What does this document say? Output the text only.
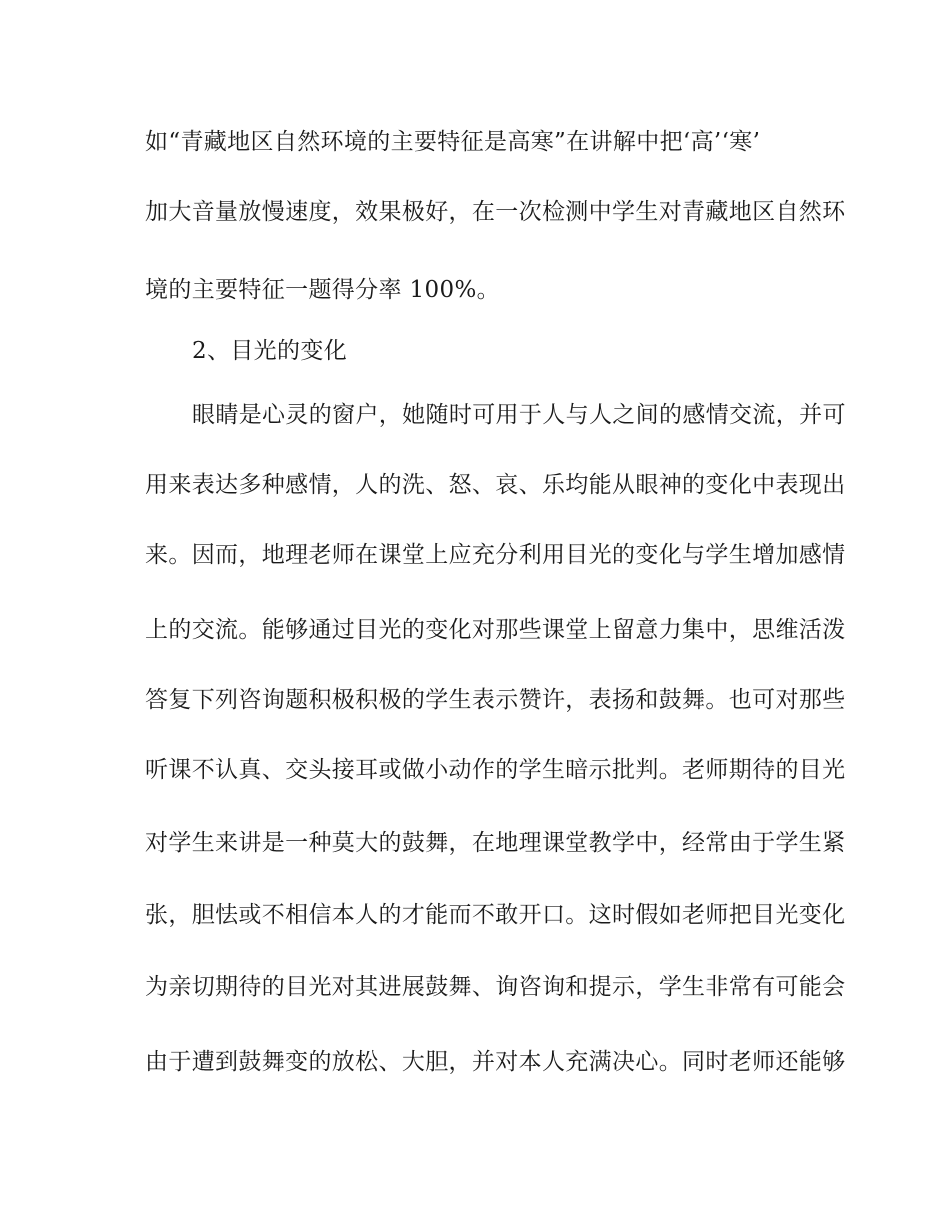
如“青藏地区自然环境的主要特征是高寒”在讲解中把‘高’‘寒’
加大音量放慢速度，效果极好，在一次检测中学生对青藏地区自然环
境的主要特征一题得分率 100%。
2、目光的变化
眼睛是心灵的窗户，她随时可用于人与人之间的感情交流，并可
用来表达多种感情，人的洗、怒、哀、乐均能从眼神的变化中表现出
来。因而，地理老师在课堂上应充分利用目光的变化与学生增加感情
上的交流。能够通过目光的变化对那些课堂上留意力集中，思维活泼
答复下列咨询题积极积极的学生表示赞许，表扬和鼓舞。也可对那些
听课不认真、交头接耳或做小动作的学生暗示批判。老师期待的目光
对学生来讲是一种莫大的鼓舞，在地理课堂教学中，经常由于学生紧
张，胆怯或不相信本人的才能而不敢开口。这时假如老师把目光变化
为亲切期待的目光对其进展鼓舞、询咨询和提示，学生非常有可能会
由于遭到鼓舞变的放松、大胆，并对本人充满决心。同时老师还能够
